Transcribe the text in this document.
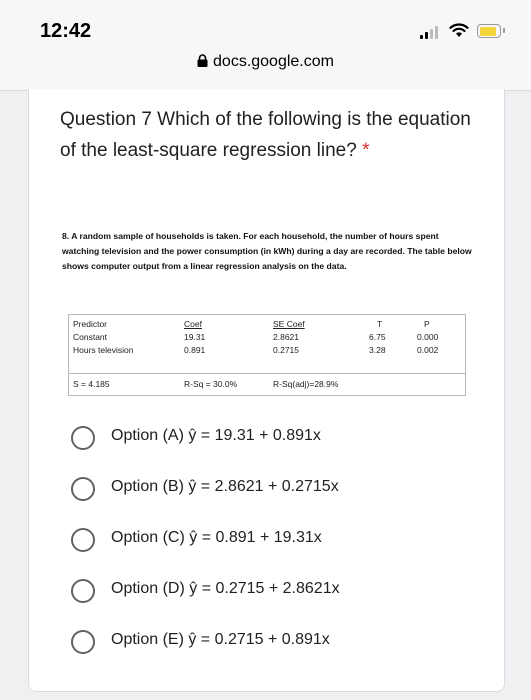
12:42
docs.google.com
Question 7 Which of the following is the equation of the least-square regression line? *
8. A random sample of households is taken. For each household, the number of hours spent watching television and the power consumption (in kWh) during a day are recorded. The table below shows computer output from a linear regression analysis on the data.
Predictor	Coef	SE Coef	T	P
Constant	19.31	2.8621	6.75	0.000
Hours television	0.891	0.2715	3.28	0.002
S = 4.185	R-Sq = 30.0%	R-Sq(adj)=28.9%
Option (A) ŷ = 19.31 + 0.891x
Option (B) ŷ = 2.8621 + 0.2715x
Option (C) ŷ = 0.891 + 19.31x
Option (D) ŷ = 0.2715 + 2.8621x
Option (E) ŷ = 0.2715 + 0.891x
